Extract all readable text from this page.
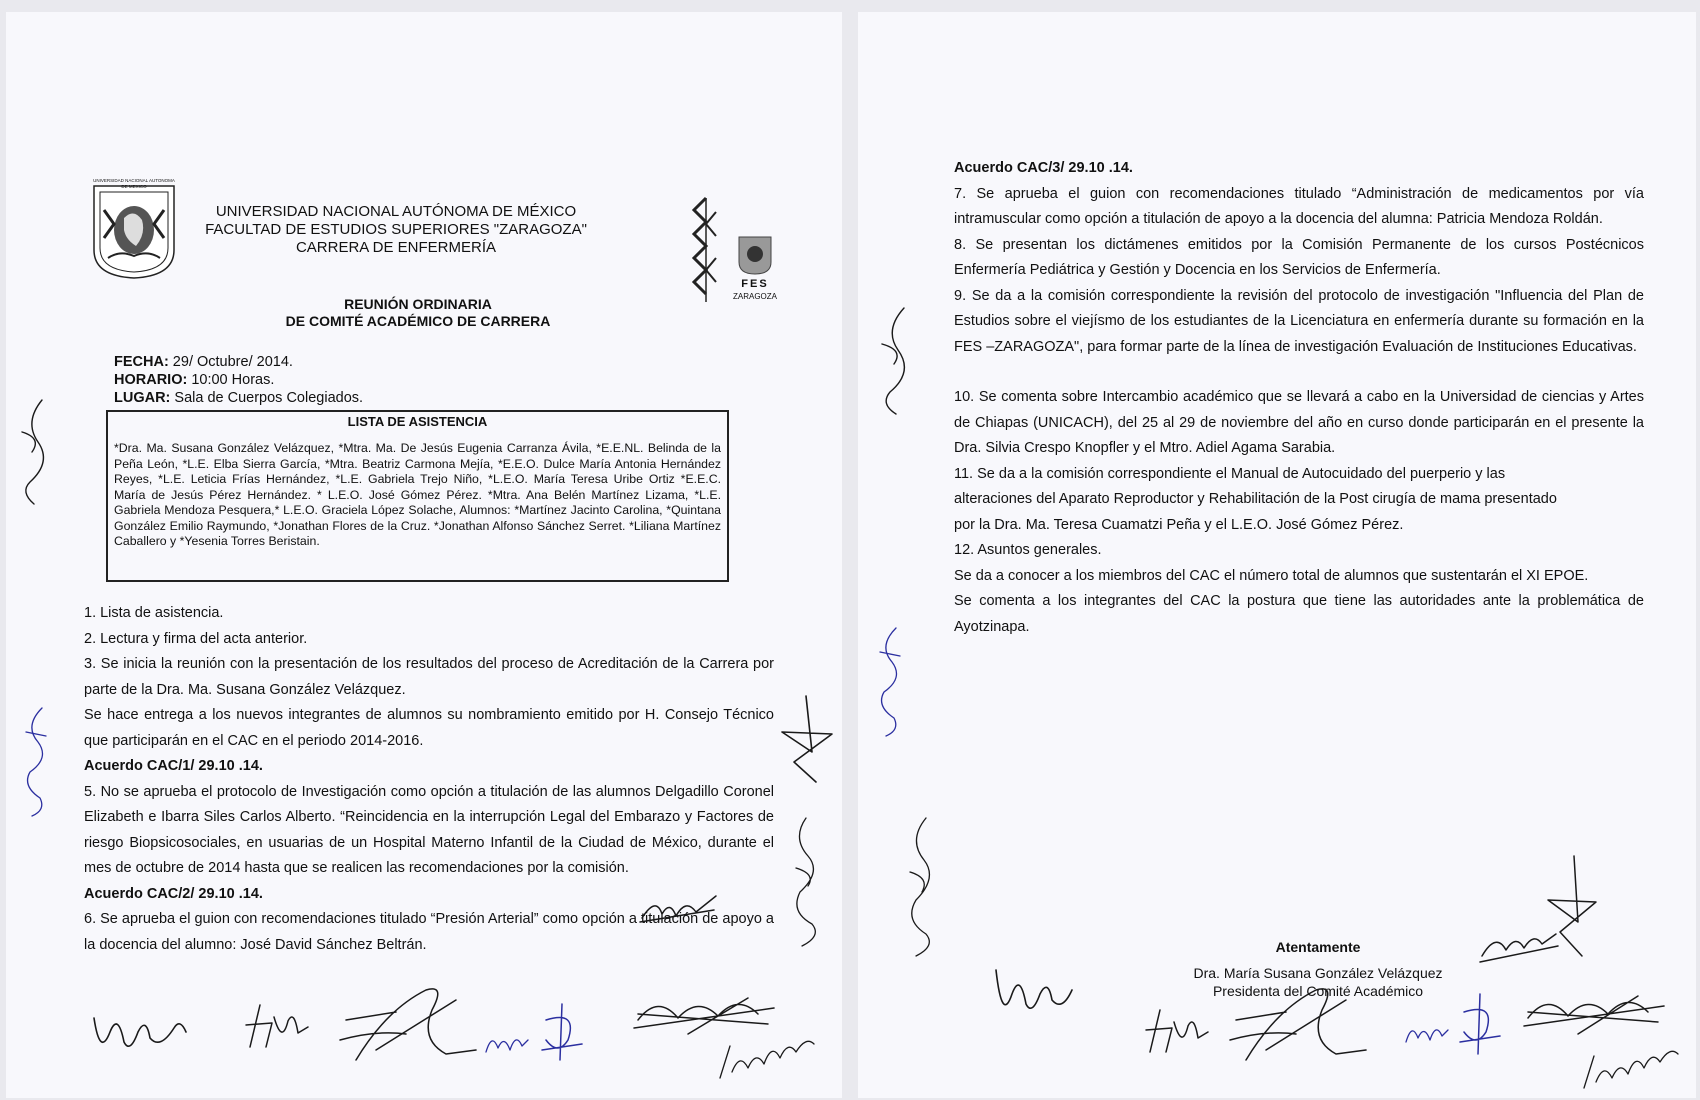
UNIVERSIDAD NACIONAL AUTONOMA DE MEXICO
UNIVERSIDAD NACIONAL AUTÓNOMA DE MÉXICO
FACULTAD DE ESTUDIOS SUPERIORES "ZARAGOZA"
CARRERA DE ENFERMERÍA
FES
ZARAGOZA
REUNIÓN ORDINARIA
DE COMITÉ ACADÉMICO DE CARRERA
FECHA: 29/ Octubre/ 2014.
HORARIO: 10:00 Horas.
LUGAR: Sala de Cuerpos Colegiados.
LISTA DE ASISTENCIA
*Dra. Ma. Susana González Velázquez, *Mtra. Ma. De Jesús Eugenia Carranza Ávila, *E.E.NL. Belinda de la Peña León, *L.E. Elba Sierra García, *Mtra. Beatriz Carmona Mejía, *E.E.O. Dulce María Antonia Hernández Reyes, *L.E. Leticia Frías Hernández, *L.E. Gabriela Trejo Niño, *L.E.O. María Teresa Uribe Ortiz *E.E.C. María de Jesús Pérez Hernández. * L.E.O. José Gómez Pérez. *Mtra. Ana Belén Martínez Lizama, *L.E. Gabriela Mendoza Pesquera,* L.E.O. Graciela López Solache, Alumnos: *Martínez Jacinto Carolina, *Quintana González Emilio Raymundo, *Jonathan Flores de la Cruz. *Jonathan Alfonso Sánchez Serret. *Liliana Martínez Caballero y *Yesenia Torres Beristain.

1. Lista de asistencia.

2. Lectura y firma del acta anterior.

3. Se inicia la reunión con la presentación de los resultados del proceso de Acreditación de la Carrera por parte de la Dra. Ma. Susana González Velázquez.

Se hace entrega a los nuevos integrantes de alumnos su nombramiento emitido por H. Consejo Técnico que participarán en el CAC en el periodo 2014-2016.

Acuerdo CAC/1/ 29.10 .14.

5. No se aprueba el protocolo de Investigación como opción a titulación de las alumnos Delgadillo Coronel Elizabeth e Ibarra Siles Carlos Alberto. “Reincidencia en la interrupción Legal del Embarazo y Factores de riesgo Biopsicosociales, en usuarias de un Hospital Materno Infantil de la Ciudad de México, durante el mes de octubre de 2014 hasta que se realicen las recomendaciones por la comisión.

Acuerdo CAC/2/ 29.10 .14.

6. Se aprueba el guion con recomendaciones titulado “Presión Arterial” como opción a titulación de apoyo a la docencia del alumno: José David Sánchez Beltrán.

Acuerdo CAC/3/ 29.10 .14.

7. Se aprueba el guion con recomendaciones titulado “Administración de medicamentos por vía intramuscular como opción a titulación de apoyo a la docencia del alumna: Patricia Mendoza Roldán.

8. Se presentan los dictámenes emitidos por la Comisión Permanente de los cursos Postécnicos Enfermería Pediátrica y Gestión y Docencia en los Servicios de Enfermería.

9. Se da a la comisión correspondiente la revisión del protocolo de investigación "Influencia del Plan de Estudios sobre el viejísmo de los estudiantes de la Licenciatura en enfermería durante su formación en la FES –ZARAGOZA", para formar parte de la línea de investigación Evaluación de Instituciones Educativas.

10. Se comenta sobre Intercambio académico que se llevará a cabo en la Universidad de ciencias y Artes de Chiapas (UNICACH), del 25 al 29 de noviembre del año en curso donde participarán en el presente la Dra. Silvia Crespo Knopfler y el Mtro. Adiel Agama Sarabia.

11. Se da a la comisión correspondiente el Manual de Autocuidado del puerperio y las

alteraciones del Aparato Reproductor y Rehabilitación de la Post cirugía de mama presentado

por la Dra. Ma. Teresa Cuamatzi Peña y el L.E.O. José Gómez Pérez.

12. Asuntos generales.

Se da a conocer a los miembros del CAC el número total de alumnos que sustentarán el XI EPOE.

Se comenta a los integrantes del CAC la postura que tiene las autoridades ante la problemática de Ayotzinapa.

Atentamente
Dra. María Susana González Velázquez
Presidenta del Comité Académico
